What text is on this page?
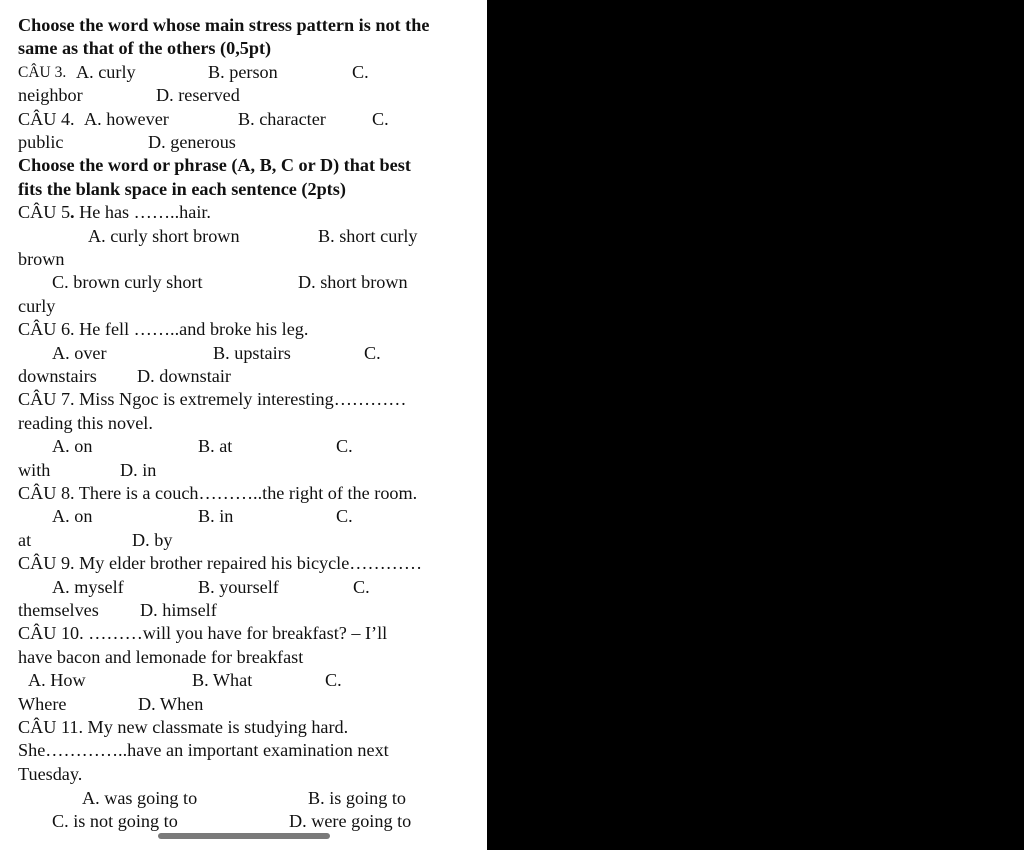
Choose the word whose main stress pattern is not the
same as that of the others (0,5pt)
CÂU 3. A. curly	B. person	C.
neighbor	D. reserved
CÂU 4. A. however	B. character	C.
public	D. generous
Choose the word or phrase (A, B, C or D) that best
fits the blank space in each sentence (2pts)
CÂU 5. He has ……..hair.
A. curly short brown	B. short curly
brown
C. brown curly short	D. short brown
curly
CÂU 6. He fell ……..and broke his leg.
A. over	B. upstairs	C.
downstairs D. downstair
CÂU 7. Miss Ngoc is extremely interesting…………
reading this novel.
A. on	B. at	C.
with	D. in
CÂU 8. There is a couch………..the right of the room.
A. on	B. in	C.
at	D. by
CÂU 9. My elder brother repaired his bicycle…………
A. myself	B. yourself	C.
themselves D. himself
CÂU 10. ………will you have for breakfast? – I’ll
have bacon and lemonade for breakfast
A. How	B. What	C.
Where	D. When
CÂU 11. My new classmate is studying hard.
She…………..have an important examination next
Tuesday.
A. was going to	B. is going to
C. is not going to	D. were going to
